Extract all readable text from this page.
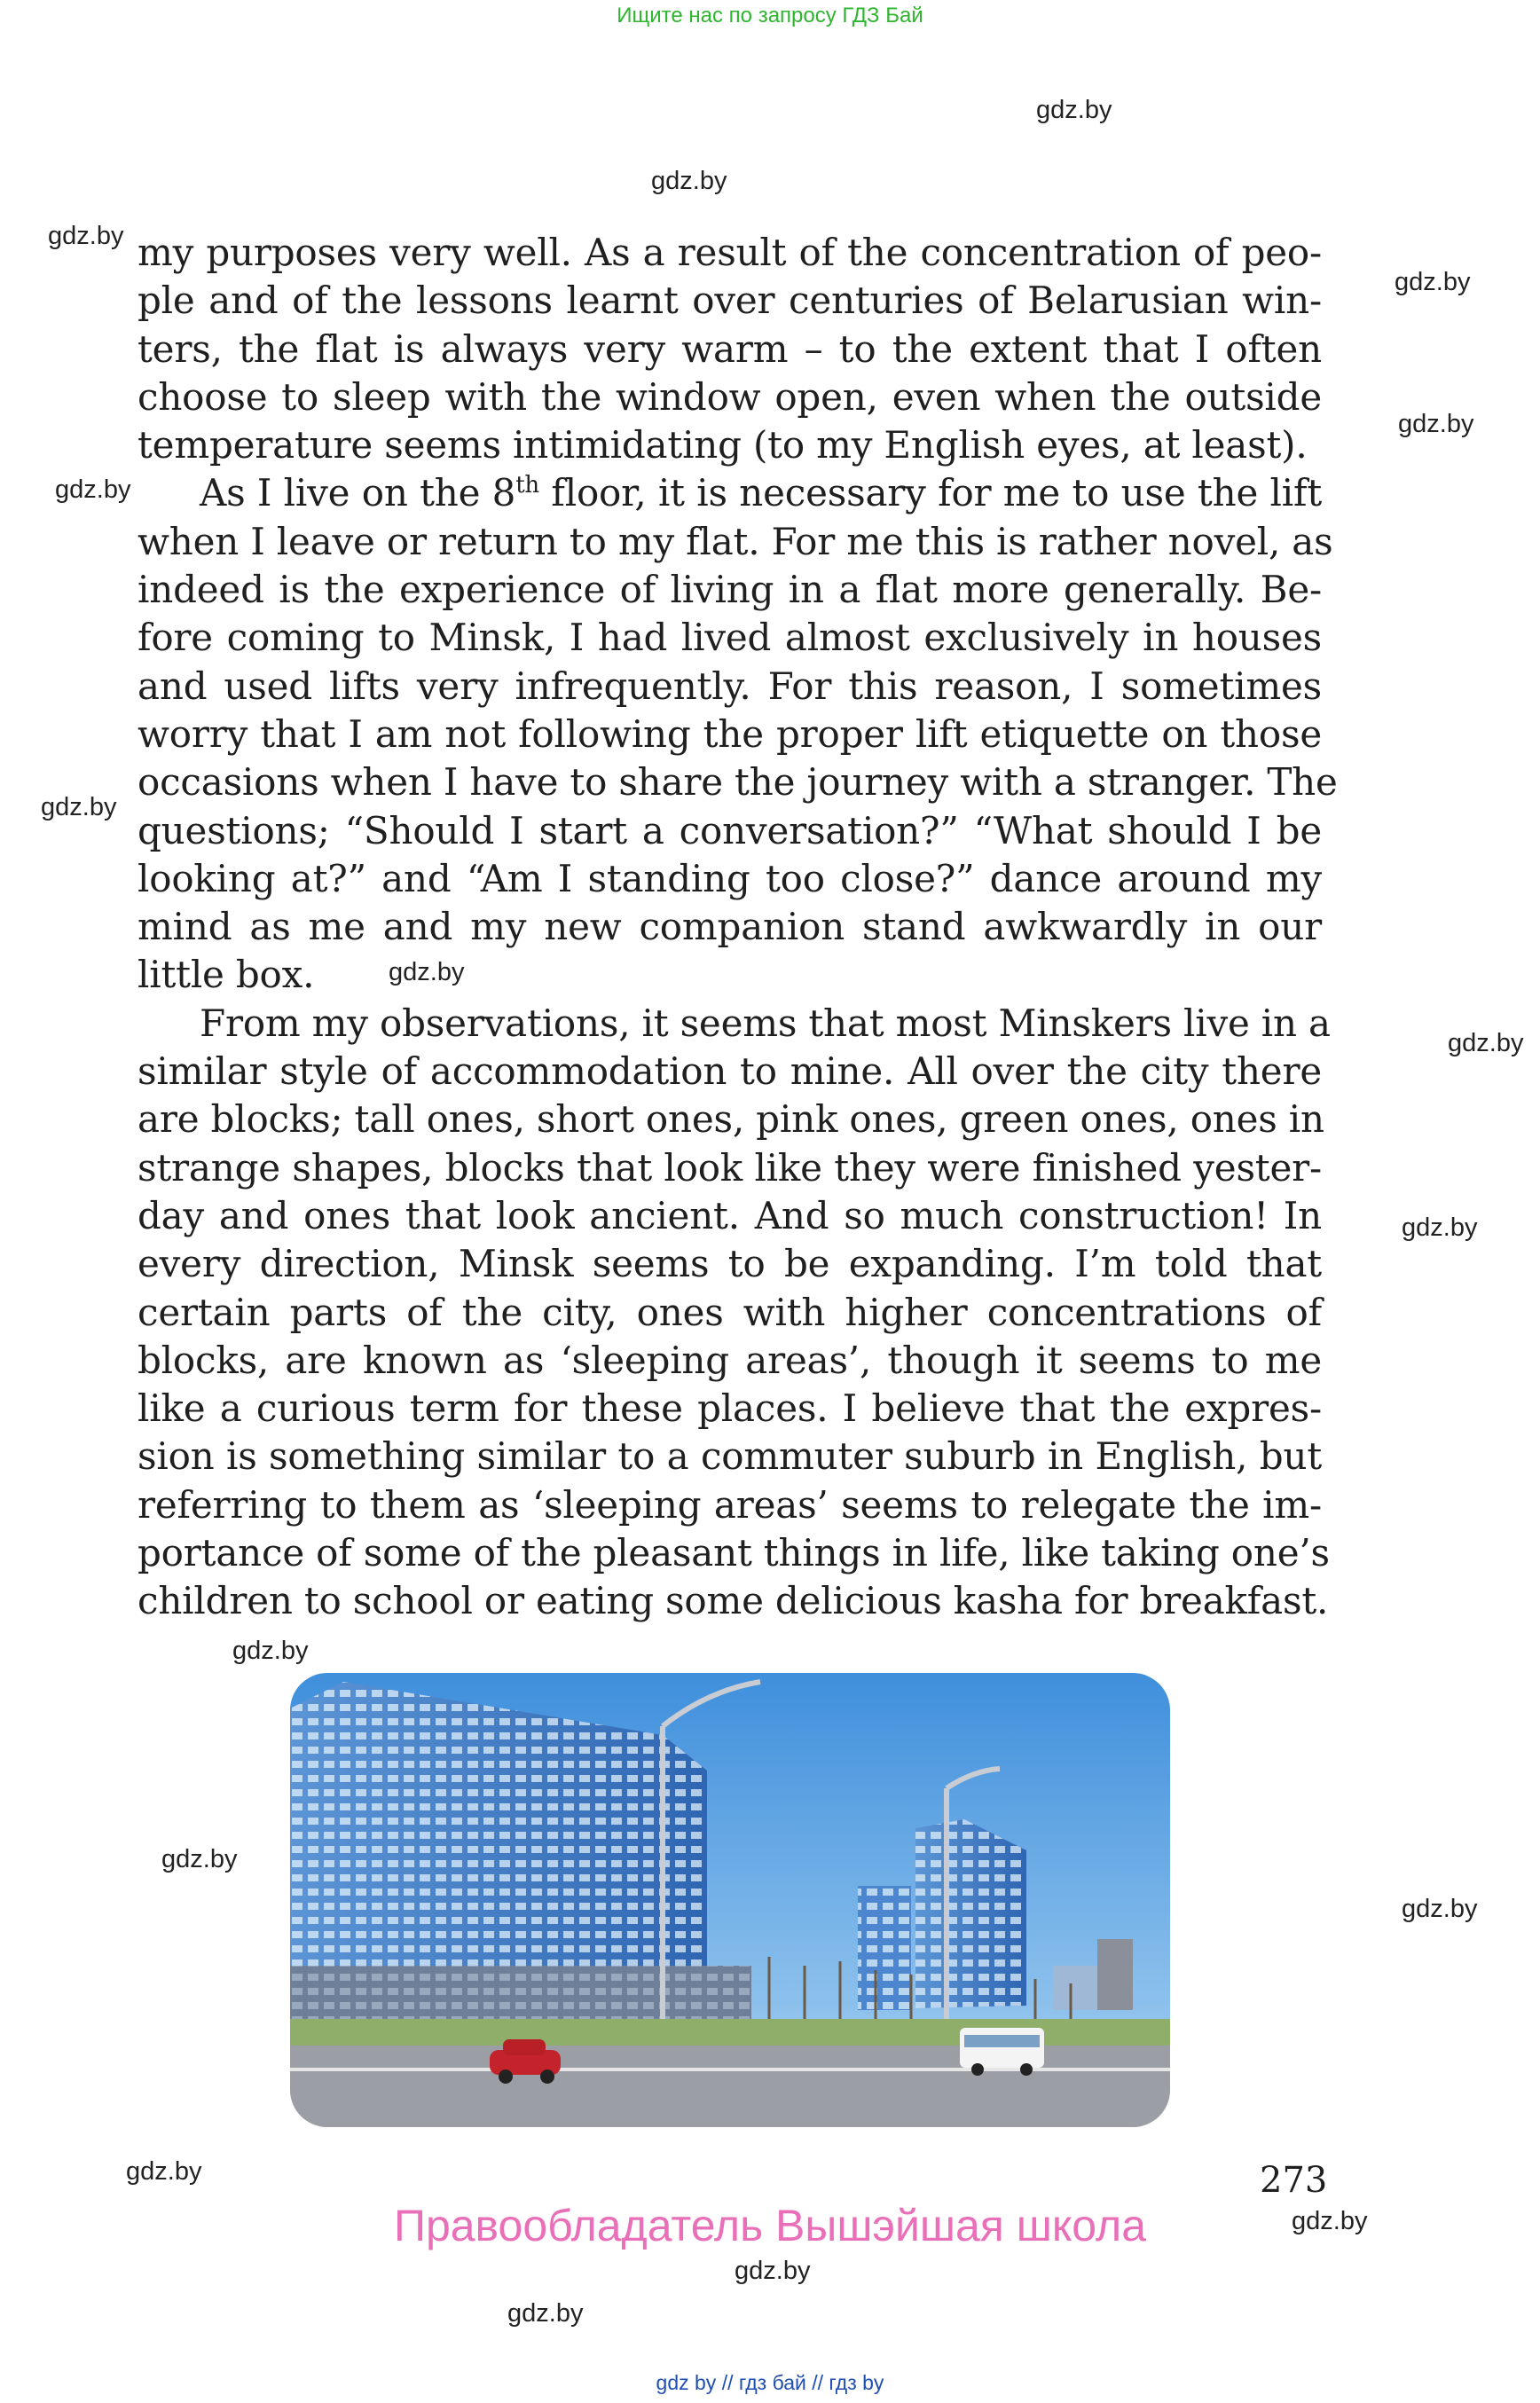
Ищите нас по запросу ГДЗ Бай
gdz.by
gdz.by
gdz.by
gdz.by
gdz.by
gdz.by
gdz.by
gdz.by
gdz.by
gdz.by
gdz.by
gdz.by
gdz.by
gdz.by
gdz.by
gdz.by
gdz.by
my purposes very well. As a result of the concentration of peo-
ple and of the lessons learnt over centuries of Belarusian win-
ters, the flat is always very warm – to the extent that I often
choose to sleep with the window open, even when the outside
temperature seems intimidating (to my English eyes, at least).
As I live on the 8th floor, it is necessary for me to use the lift
when I leave or return to my flat. For me this is rather novel, as
indeed is the experience of living in a flat more generally. Be-
fore coming to Minsk, I had lived almost exclusively in houses
and used lifts very infrequently. For this reason, I sometimes
worry that I am not following the proper lift etiquette on those
occasions when I have to share the journey with a stranger. The
questions; “Should I start a conversation?” “What should I be
looking at?” and “Am I standing too close?” dance around my
mind as me and my new companion stand awkwardly in our
little box.
From my observations, it seems that most Minskers live in a
similar style of accommodation to mine. All over the city there
are blocks; tall ones, short ones, pink ones, green ones, ones in
strange shapes, blocks that look like they were finished yester-
day and ones that look ancient. And so much construction! In
every direction, Minsk seems to be expanding. I’m told that
certain parts of the city, ones with higher concentrations of
blocks, are known as ‘sleeping areas’, though it seems to me
like a curious term for these places. I believe that the expres-
sion is something similar to a commuter suburb in English, but
referring to them as ‘sleeping areas’ seems to relegate the im-
portance of some of the pleasant things in life, like taking one’s
children to school or eating some delicious kasha for breakfast.
273
Правообладатель Вышэйшая школа
gdz by // гдз бай // гдз by
